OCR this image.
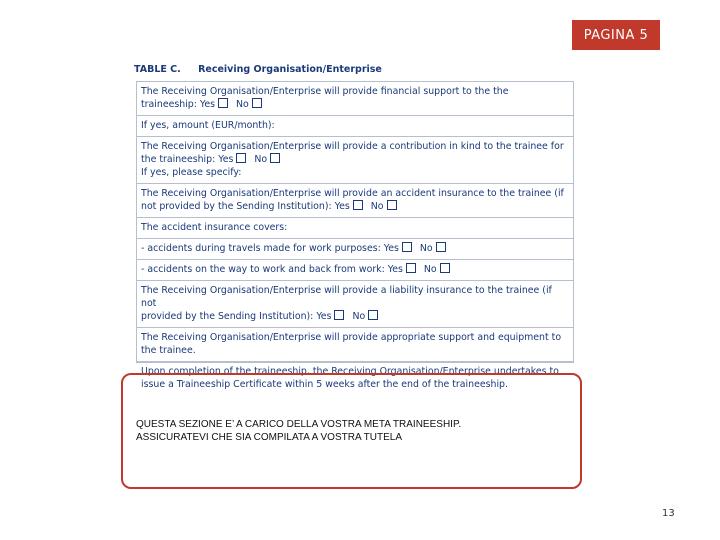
PAGINA 5
TABLE C. Receiving Organisation/Enterprise
The Receiving Organisation/Enterprise will provide financial support to the the
traineeship: Yes No
If yes, amount (EUR/month):
The Receiving Organisation/Enterprise will provide a contribution in kind to the trainee for
the traineeship: Yes No
If yes, please specify:
The Receiving Organisation/Enterprise will provide an accident insurance to the trainee (if
not provided by the Sending Institution): Yes No
The accident insurance covers:
- accidents during travels made for work purposes: Yes No
- accidents on the way to work and back from work: Yes No
The Receiving Organisation/Enterprise will provide a liability insurance to the trainee (if not
provided by the Sending Institution): Yes No
The Receiving Organisation/Enterprise will provide appropriate support and equipment to
the trainee.
Upon completion of the traineeship, the Receiving Organisation/Enterprise undertakes to
issue a Traineeship Certificate within 5 weeks after the end of the traineeship.
QUESTA SEZIONE E’ A CARICO DELLA VOSTRA META TRAINEESHIP.
ASSICURATEVI CHE SIA COMPILATA A VOSTRA TUTELA
13
